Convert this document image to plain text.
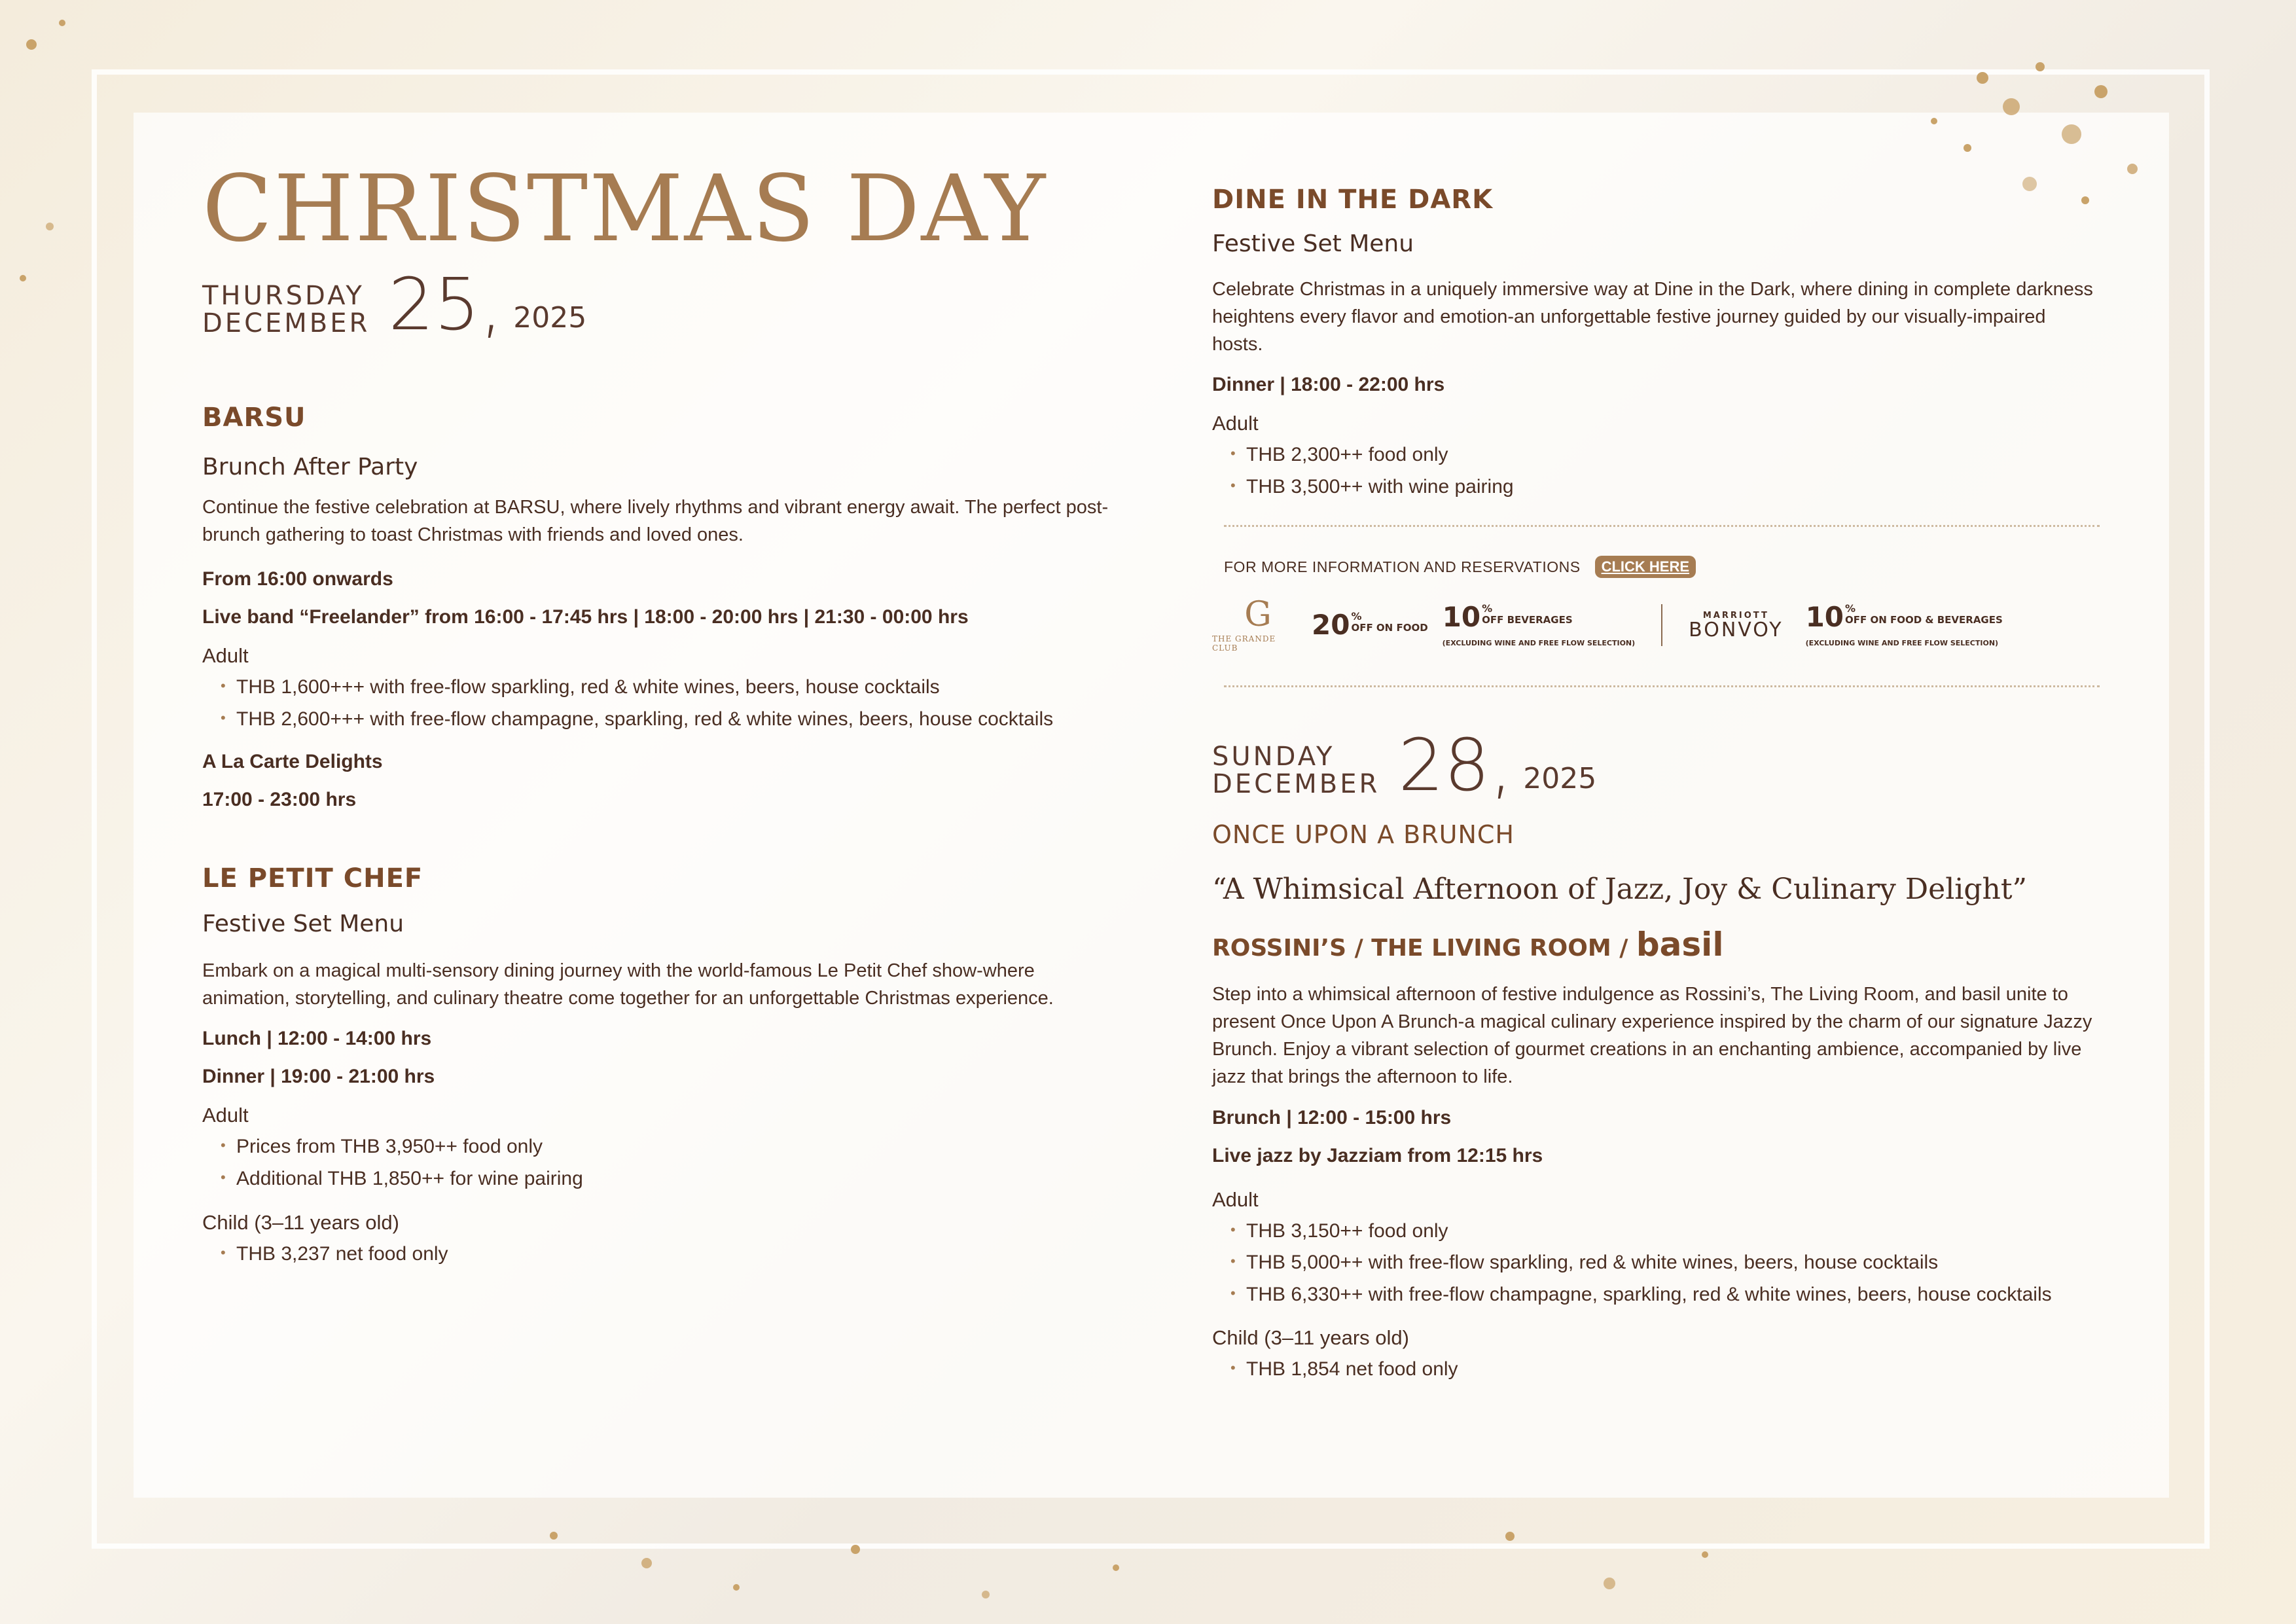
CHRISTMAS DAY
THURSDAY
DECEMBER 25, 2025
BARSU
Brunch After Party
Continue the festive celebration at BARSU, where lively rhythms and vibrant energy await. The perfect post-brunch gathering to toast Christmas with friends and loved ones.
From 16:00 onwards
Live band “Freelander” from 16:00 - 17:45 hrs | 18:00 - 20:00 hrs | 21:30 - 00:00 hrs
Adult
• THB 1,600+++ with free-flow sparkling, red & white wines, beers, house cocktails
• THB 2,600+++ with free-flow champagne, sparkling, red & white wines, beers, house cocktails
A La Carte Delights
17:00 - 23:00 hrs
LE PETIT CHEF
Festive Set Menu
Embark on a magical multi-sensory dining journey with the world-famous Le Petit Chef show-where animation, storytelling, and culinary theatre come together for an unforgettable Christmas experience.
Lunch | 12:00 - 14:00 hrs
Dinner | 19:00 - 21:00 hrs
Adult
• Prices from THB 3,950++ food only
• Additional THB 1,850++ for wine pairing
Child (3–11 years old)
• THB 3,237 net food only
DINE IN THE DARK
Festive Set Menu
Celebrate Christmas in a uniquely immersive way at Dine in the Dark, where dining in complete darkness heightens every flavor and emotion-an unforgettable festive journey guided by our visually-impaired hosts.
Dinner | 18:00 - 22:00 hrs
Adult
• THB 2,300++ food only
• THB 3,500++ with wine pairing
FOR MORE INFORMATION AND RESERVATIONS	CLICK HERE
G
THE GRANDE CLUB
20 %
OFF ON FOOD 10 %
OFF BEVERAGES
(EXCLUDING WINE AND FREE FLOW SELECTION)
MARRIOTT
BONVOY 10 %
OFF ON FOOD & BEVERAGES
(EXCLUDING WINE AND FREE FLOW SELECTION)
SUNDAY
DECEMBER 28, 2025
ONCE UPON A BRUNCH
“A Whimsical Afternoon of Jazz, Joy & Culinary Delight”
ROSSINI’S / THE LIVING ROOM / basil
Step into a whimsical afternoon of festive indulgence as Rossini’s, The Living Room, and basil unite to present Once Upon A Brunch-a magical culinary experience inspired by the charm of our signature Jazzy Brunch. Enjoy a vibrant selection of gourmet creations in an enchanting ambience, accompanied by live jazz that brings the afternoon to life.
Brunch | 12:00 - 15:00 hrs
Live jazz by Jazziam from 12:15 hrs
Adult
• THB 3,150++ food only
• THB 5,000++ with free-flow sparkling, red & white wines, beers, house cocktails
• THB 6,330++ with free-flow champagne, sparkling, red & white wines, beers, house cocktails
Child (3–11 years old)
• THB 1,854 net food only
